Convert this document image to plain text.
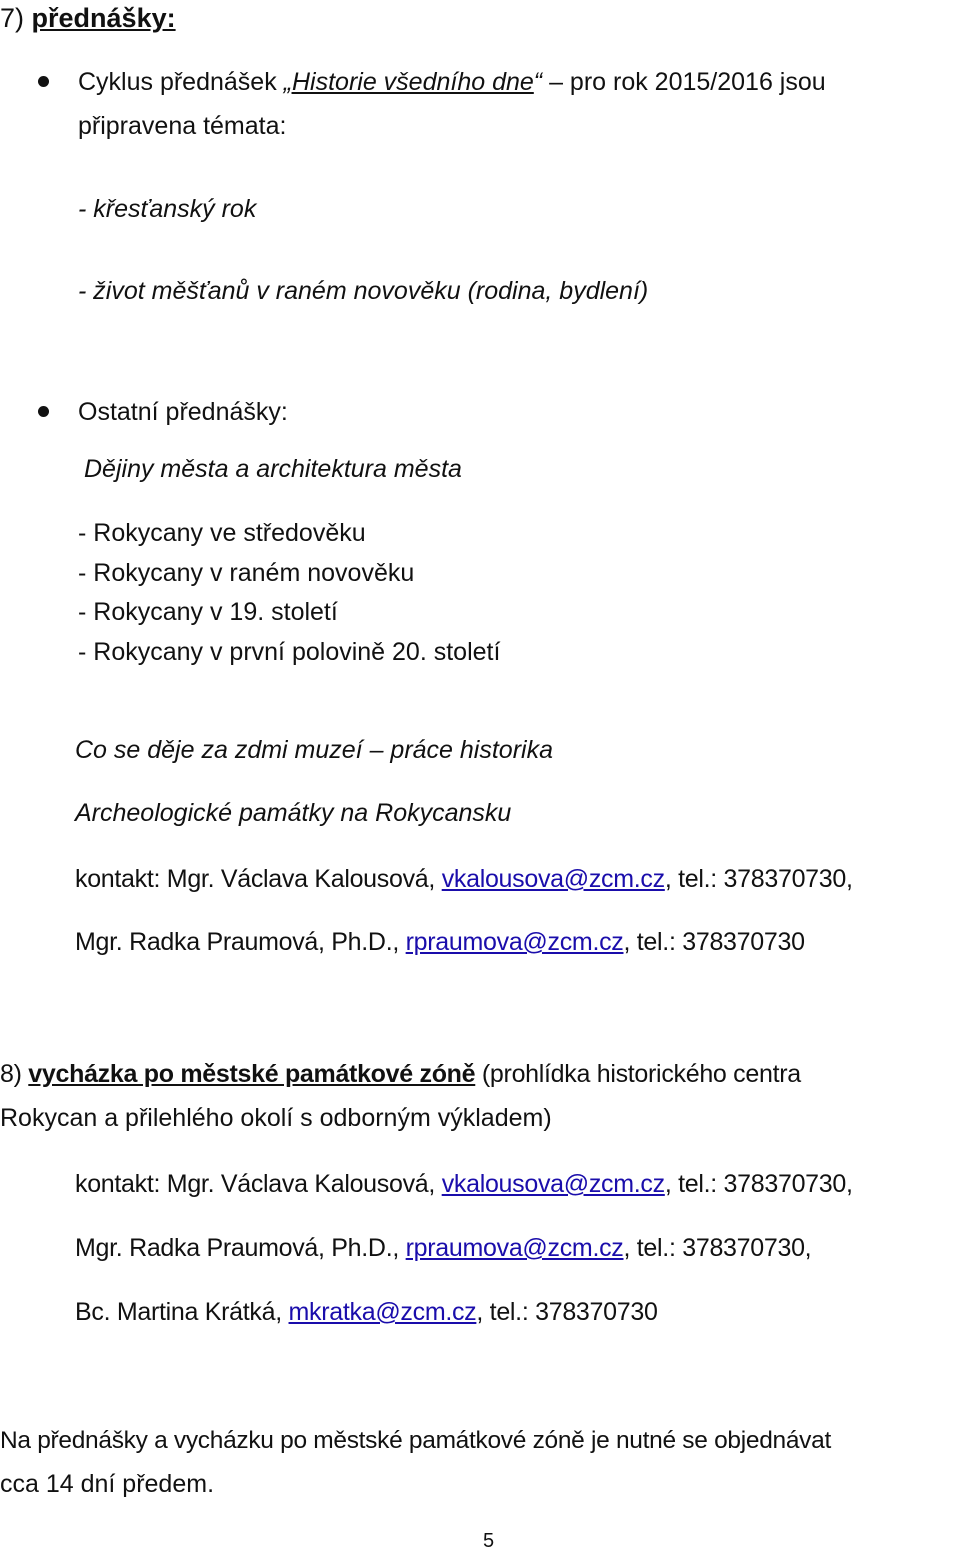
7) přednášky:
Cyklus přednášek „Historie všedního dne“ – pro rok 2015/2016 jsou
připravena témata:
- křesťanský rok
- život měšťanů v raném novověku (rodina, bydlení)
Ostatní přednášky:
Dějiny města a architektura města
- Rokycany ve středověku
- Rokycany v raném novověku
- Rokycany v 19. století
- Rokycany v první polovině 20. století
Co se děje za zdmi muzeí – práce historika
Archeologické památky na Rokycansku
kontakt: Mgr. Václava Kalousová, vkalousova@zcm.cz, tel.: 378370730,
Mgr. Radka Praumová, Ph.D., rpraumova@zcm.cz, tel.: 378370730
8) vycházka po městské památkové zóně (prohlídka historického centra
Rokycan a přilehlého okolí s odborným výkladem)
kontakt: Mgr. Václava Kalousová, vkalousova@zcm.cz, tel.: 378370730,
Mgr. Radka Praumová, Ph.D., rpraumova@zcm.cz, tel.: 378370730,
Bc. Martina Krátká, mkratka@zcm.cz, tel.: 378370730
Na přednášky a vycházku po městské památkové zóně je nutné se objednávat
cca 14 dní předem.
5
